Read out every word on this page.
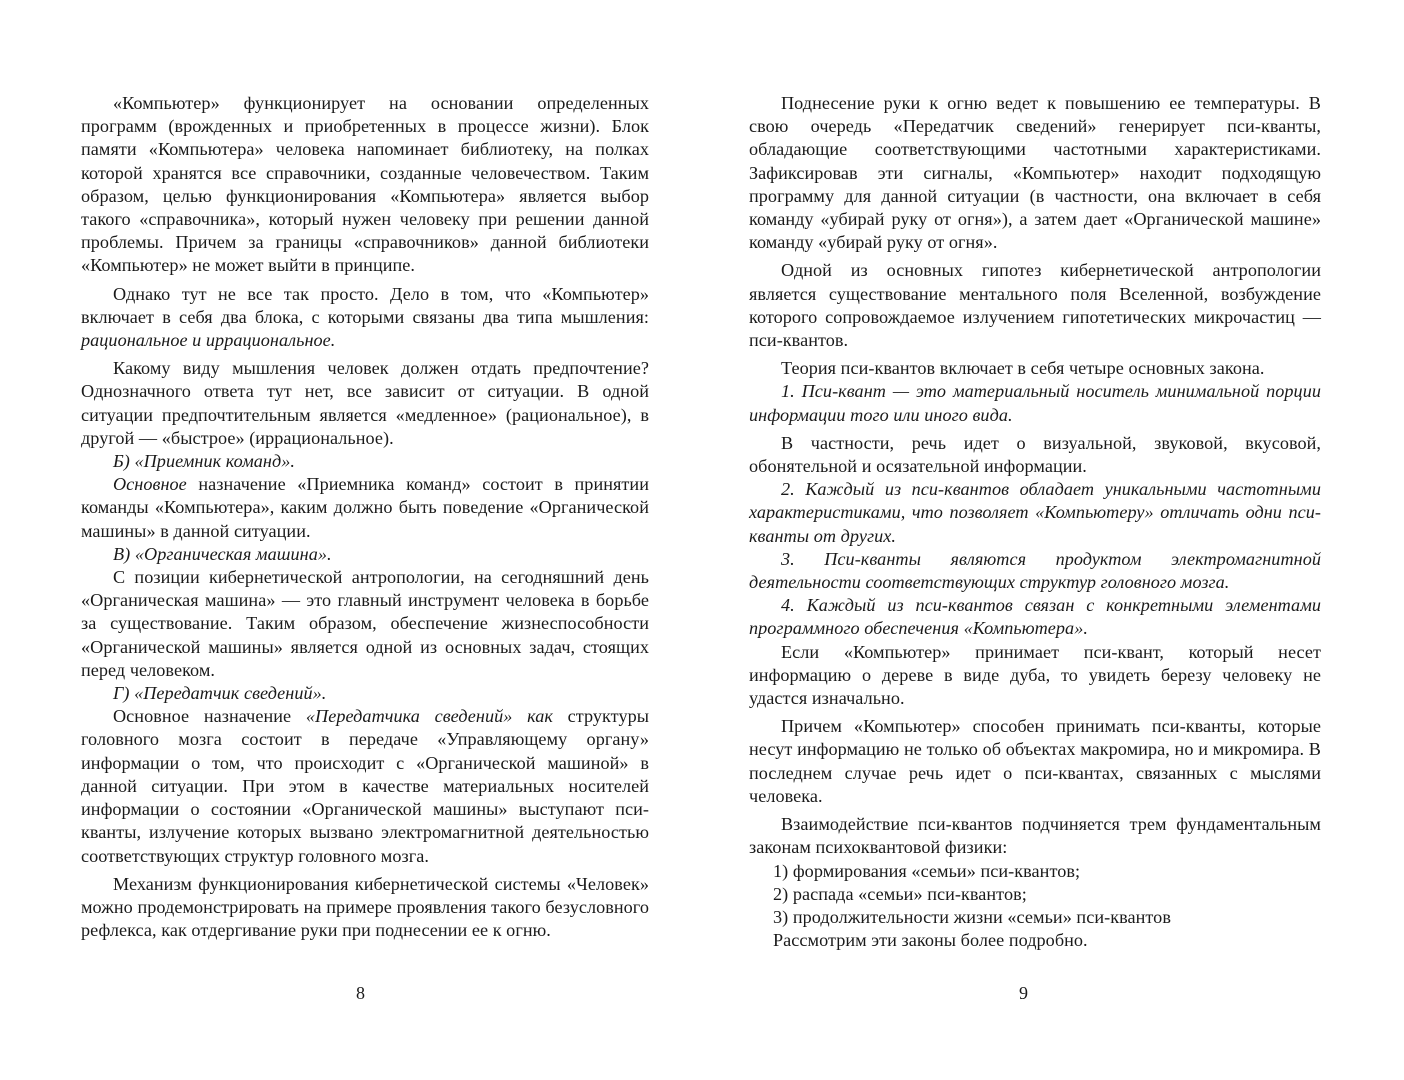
«Компьютер» функционирует на основании определенных программ (врожденных и приобретенных в процессе жизни). Блок памяти «Компьютера» человека напоминает библиотеку, на полках которой хранятся все справочники, созданные человечеством. Таким образом, целью функционирования «Компьютера» является выбор такого «справочника», который нужен человеку при решении данной проблемы. Причем за границы «справочников» данной библиотеки «Компьютер» не может выйти в принципе.

Однако тут не все так просто. Дело в том, что «Компьютер» включает в себя два блока, с которыми связаны два типа мышления: рациональное и иррациональное.

Какому виду мышления человек должен отдать предпочтение? Однозначного ответа тут нет, все зависит от ситуации. В одной ситуации предпочтительным является «медленное» (рациональное), в другой — «быстрое» (иррациональное).

Б) «Приемник команд».

Основное назначение «Приемника команд» состоит в принятии команды «Компьютера», каким должно быть поведение «Органической машины» в данной ситуации.

В) «Органическая машина».

С позиции кибернетической антропологии, на сегодняшний день «Органическая машина» — это главный инструмент человека в борьбе за существование. Таким образом, обеспечение жизнеспособности «Органической машины» является одной из основных задач, стоящих перед человеком.

Г) «Передатчик сведений».

Основное назначение «Передатчика сведений» как структуры головного мозга состоит в передаче «Управляющему органу» информации о том, что происходит с «Органической машиной» в данной ситуации. При этом в качестве материальных носителей информации о состоянии «Органической машины» выступают пси-кванты, излучение которых вызвано электромагнитной деятельностью соответствующих структур головного мозга.

Механизм функционирования кибернетической системы «Человек» можно продемонстрировать на примере проявления такого безусловного рефлекса, как отдергивание руки при поднесении ее к огню.

Поднесение руки к огню ведет к повышению ее температуры. В свою очередь «Передатчик сведений» генерирует пси-кванты, обладающие соответствующими частотными характеристиками. Зафиксировав эти сигналы, «Компьютер» находит подходящую программу для данной ситуации (в частности, она включает в себя команду «убирай руку от огня»), а затем дает «Органической машине» команду «убирай руку от огня».

Одной из основных гипотез кибернетической антропологии является существование ментального поля Вселенной, возбуждение которого сопровождаемое излучением гипотетических микрочастиц — пси-квантов.

Теория пси-квантов включает в себя четыре основных закона.

1. Пси-квант — это материальный носитель минимальной порции информации того или иного вида.

В частности, речь идет о визуальной, звуковой, вкусовой, обонятельной и осязательной информации.

2. Каждый из пси-квантов обладает уникальными частотными характеристиками, что позволяет «Компьютеру» отличать одни пси-кванты от других.

3. Пси-кванты являются продуктом электромагнитной деятельности соответствующих структур головного мозга.

4. Каждый из пси-квантов связан с конкретными элементами программного обеспечения «Компьютера».

Если «Компьютер» принимает пси-квант, который несет информацию о дереве в виде дуба, то увидеть березу человеку не удастся изначально.

Причем «Компьютер» способен принимать пси-кванты, которые несут информацию не только об объектах макромира, но и микромира. В последнем случае речь идет о пси-квантах, связанных с мыслями человека.

Взаимодействие пси-квантов подчиняется трем фундаментальным законам психоквантовой физики:

1) формирования «семьи» пси-квантов;

2) распада «семьи» пси-квантов;

3) продолжительности жизни «семьи» пси-квантов

Рассмотрим эти законы более подробно.

8	9
